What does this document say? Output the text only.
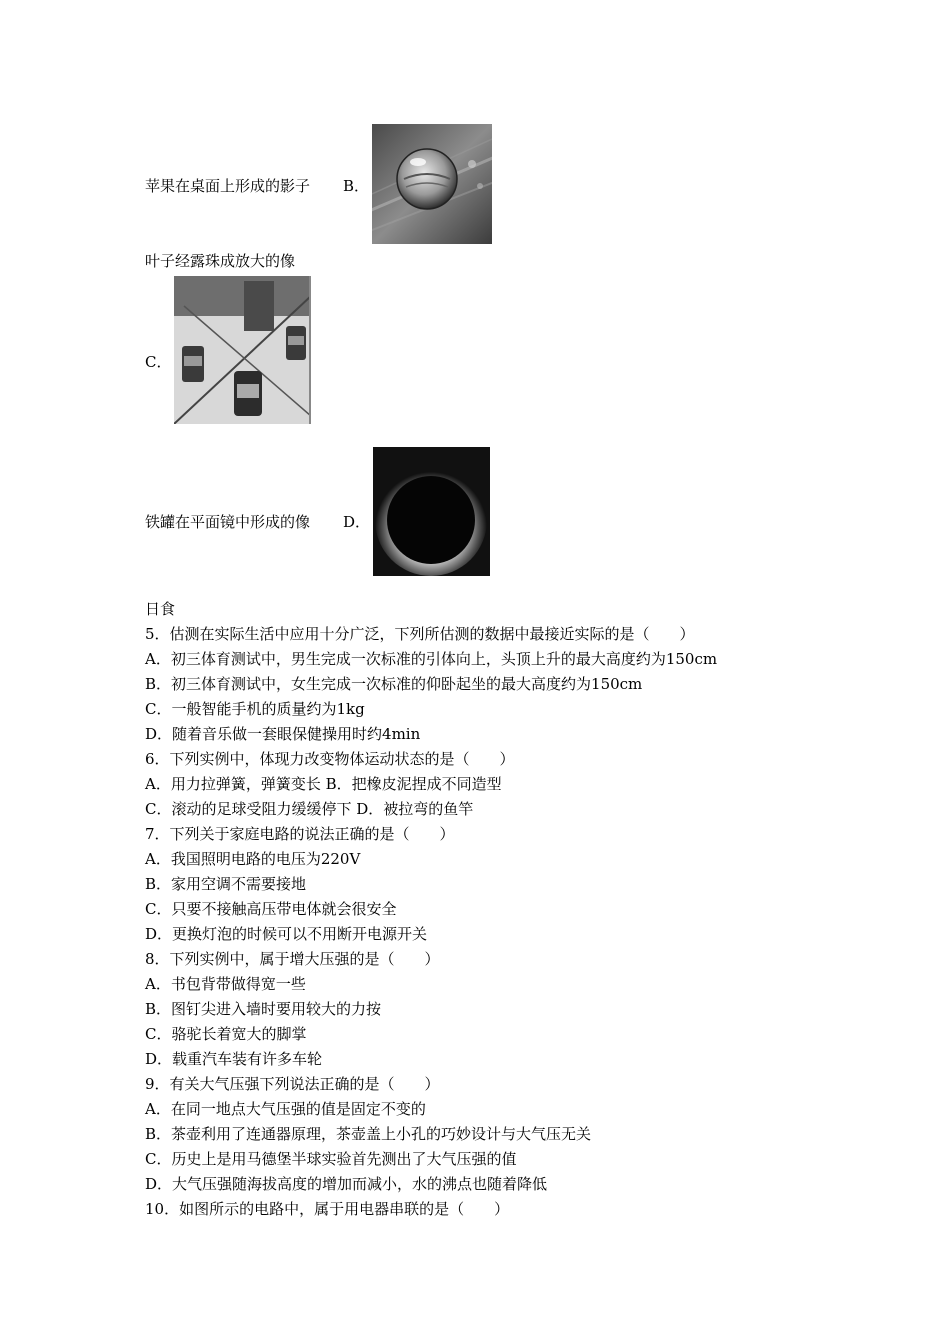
苹果在桌面上形成的影子 B．
叶子经露珠成放大的像
C．
铁罐在平面镜中形成的像 D．
日食
5．估测在实际生活中应用十分广泛，下列所估测的数据中最接近实际的是（　　）
A．初三体育测试中，男生完成一次标准的引体向上，头顶上升的最大高度约为150cm
B．初三体育测试中，女生完成一次标准的仰卧起坐的最大高度约为150cm
C．一般智能手机的质量约为1kg
D．随着音乐做一套眼保健操用时约4min
6．下列实例中，体现力改变物体运动状态的是（　　）
A．用力拉弹簧，弹簧变长 B．把橡皮泥捏成不同造型
C．滚动的足球受阻力缓缓停下 D．被拉弯的鱼竿
7．下列关于家庭电路的说法正确的是（　　）
A．我国照明电路的电压为220V
B．家用空调不需要接地
C．只要不接触高压带电体就会很安全
D．更换灯泡的时候可以不用断开电源开关
8．下列实例中，属于增大压强的是（　　）
A．书包背带做得宽一些
B．图钉尖进入墙时要用较大的力按
C．骆驼长着宽大的脚掌
D．载重汽车装有许多车轮
9．有关大气压强下列说法正确的是（　　）
A．在同一地点大气压强的值是固定不变的
B．茶壶利用了连通器原理，茶壶盖上小孔的巧妙设计与大气压无关
C．历史上是用马德堡半球实验首先测出了大气压强的值
D．大气压强随海拔高度的增加而减小，水的沸点也随着降低
10．如图所示的电路中，属于用电器串联的是（　　）
